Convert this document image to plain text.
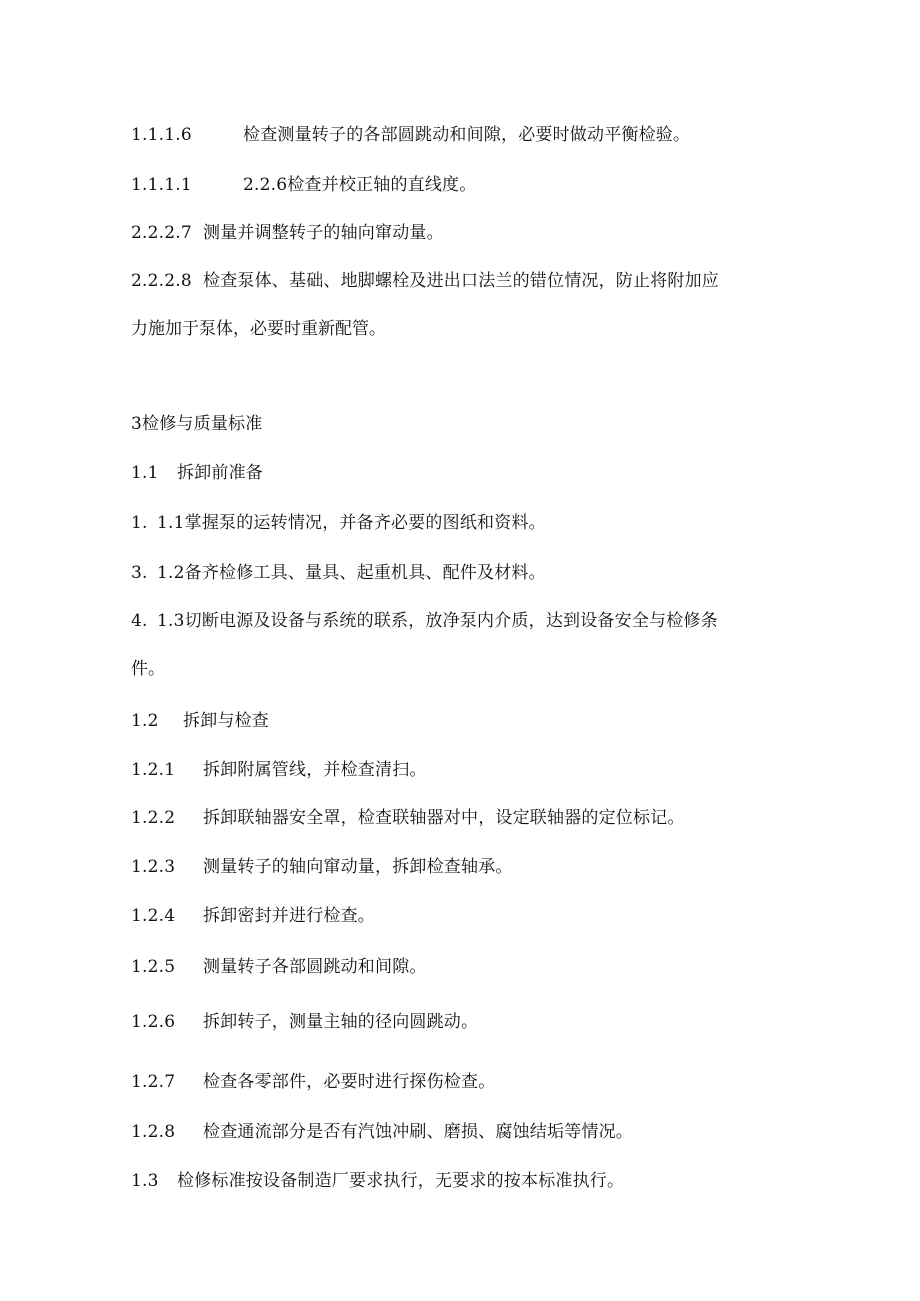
1.1.1.6	检查测量转子的各部圆跳动和间隙，必要时做动平衡检验。
1.1.1.1	2.2.6检查并校正轴的直线度。
2.2.2.7 测量并调整转子的轴向窜动量。
2.2.2.8 检查泵体、基础、地脚螺栓及进出口法兰的错位情况，防止将附加应
力施加于泵体，必要时重新配管。
3检修与质量标准
1.1 拆卸前准备
1. 1.1掌握泵的运转情况，并备齐必要的图纸和资料。
3. 1.2备齐检修工具、量具、起重机具、配件及材料。
4. 1.3切断电源及设备与系统的联系，放净泵内介质，达到设备安全与检修条
件。
1.2 拆卸与检查
1.2.1 拆卸附属管线，并检查清扫。
1.2.2 拆卸联轴器安全罩，检查联轴器对中，设定联轴器的定位标记。
1.2.3 测量转子的轴向窜动量，拆卸检查轴承。
1.2.4 拆卸密封并进行检查。
1.2.5 测量转子各部圆跳动和间隙。
1.2.6 拆卸转子，测量主轴的径向圆跳动。
1.2.7 检查各零部件，必要时进行探伤检查。
1.2.8 检查通流部分是否有汽蚀冲刷、磨损、腐蚀结垢等情况。
1.3 检修标准按设备制造厂要求执行，无要求的按本标准执行。
